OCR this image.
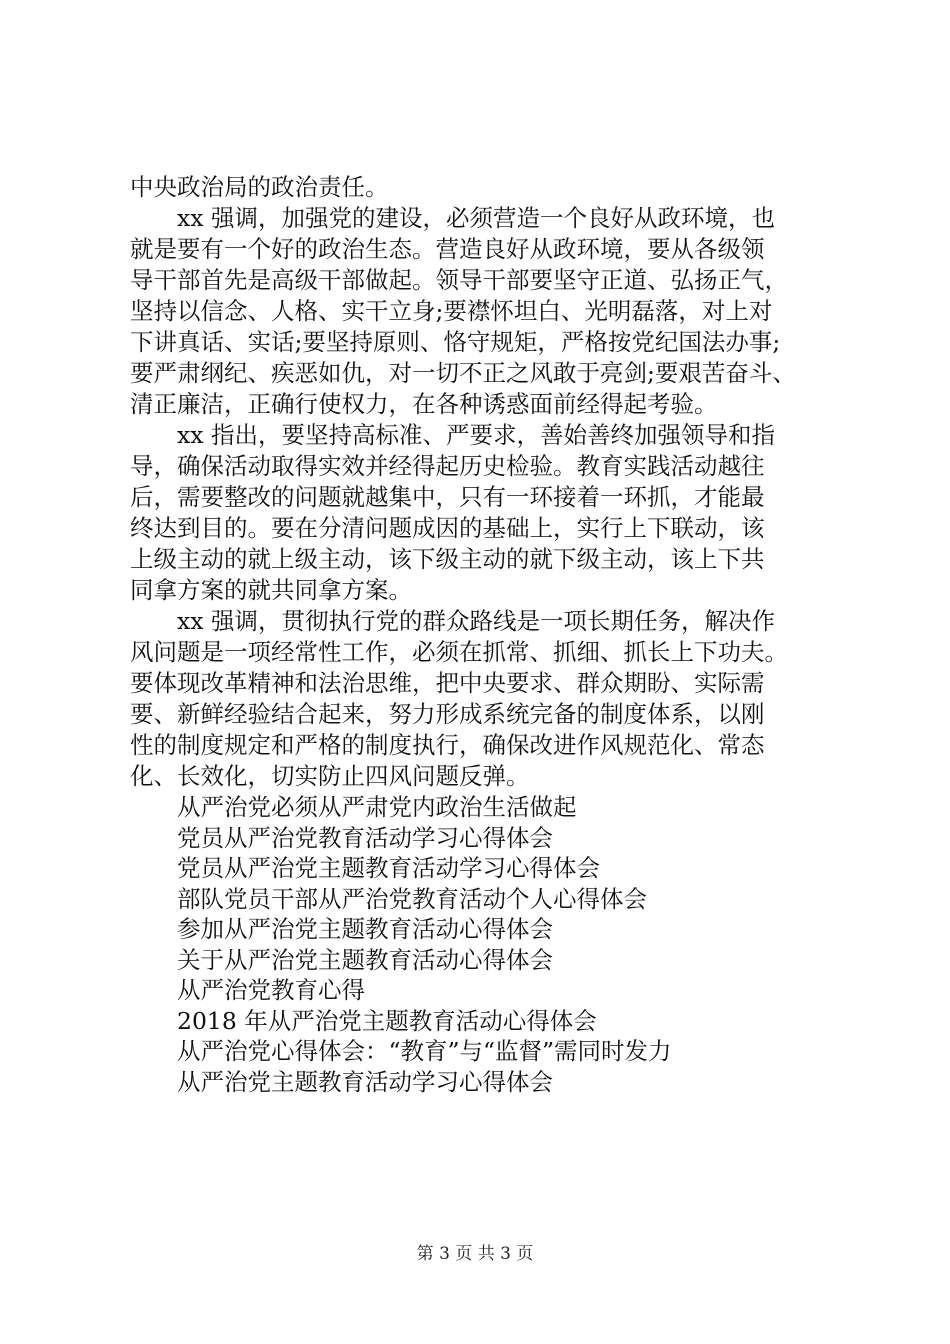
中央政治局的政治责任。
xx 强调，加强党的建设，必须营造一个良好从政环境，也
就是要有一个好的政治生态。营造良好从政环境，要从各级领
导干部首先是高级干部做起。领导干部要坚守正道、弘扬正气，
坚持以信念、人格、实干立身;要襟怀坦白、光明磊落，对上对
下讲真话、实话;要坚持原则、恪守规矩，严格按党纪国法办事;
要严肃纲纪、疾恶如仇，对一切不正之风敢于亮剑;要艰苦奋斗、
清正廉洁，正确行使权力，在各种诱惑面前经得起考验。
xx 指出，要坚持高标准、严要求，善始善终加强领导和指
导，确保活动取得实效并经得起历史检验。教育实践活动越往
后，需要整改的问题就越集中，只有一环接着一环抓，才能最
终达到目的。要在分清问题成因的基础上，实行上下联动，该
上级主动的就上级主动，该下级主动的就下级主动，该上下共
同拿方案的就共同拿方案。
xx 强调，贯彻执行党的群众路线是一项长期任务，解决作
风问题是一项经常性工作，必须在抓常、抓细、抓长上下功夫。
要体现改革精神和法治思维，把中央要求、群众期盼、实际需
要、新鲜经验结合起来，努力形成系统完备的制度体系，以刚
性的制度规定和严格的制度执行，确保改进作风规范化、常态
化、长效化，切实防止四风问题反弹。
从严治党必须从严肃党内政治生活做起
党员从严治党教育活动学习心得体会
党员从严治党主题教育活动学习心得体会
部队党员干部从严治党教育活动个人心得体会
参加从严治党主题教育活动心得体会
关于从严治党主题教育活动心得体会
从严治党教育心得
2018 年从严治党主题教育活动心得体会
从严治党心得体会：“教育”与“监督”需同时发力
从严治党主题教育活动学习心得体会
第 3 页 共 3 页
